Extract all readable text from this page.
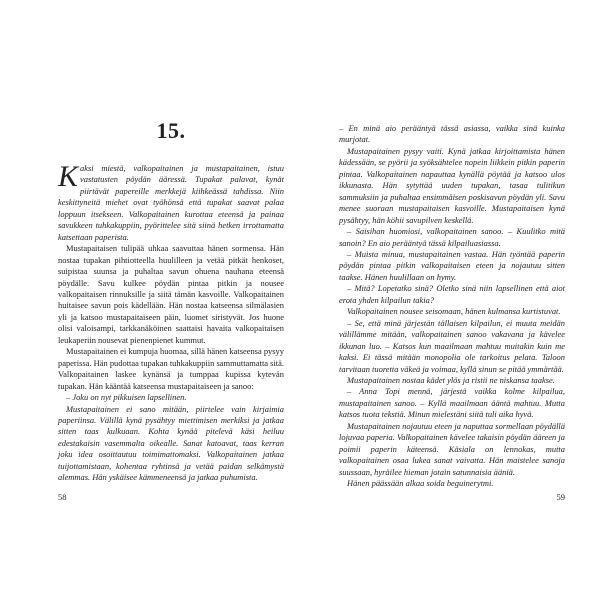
15.

Kaksi miestä, valkopaitainen ja mustapaitainen, istuu vastatusten pöydän ääressä. Tupakat palavat, kynät piirtävät papereille merkkejä kiihkeässä tahdissa. Niin keskittyneitä miehet ovat työhönsä että tupakat saavat palaa loppuun itsekseen. Valkopaitainen kurottaa eteensä ja painaa savukkeen tuhkakuppiin, pyörittelee sitä siinä hetken irrottamatta katsettaan paperista.

Mustapaitaisen tulipää uhkaa saavuttaa hänen sormensa. Hän nostaa tupakan pihtiotteella huulilleen ja vetää pitkät henkoset, suipistaa suunsa ja puhaltaa savun ohuena nauhana eteensä pöydälle. Savu kulkee pöydän pintaa pitkin ja nousee valkopaitaisen rinnuksille ja siitä tämän kasvoille. Valkopaitainen huitaisee savun pois kädellään. Hän nostaa katseensa silmälasien yli ja katsoo mustapaitaiseen päin, luomet siristyvät. Jos huone olisi valoisampi, tarkkanäköinen saattaisi havaita valkopaitaisen leukaperiin nousevat pienenpienet kummut.

Mustapaitainen ei kumpuja huomaa, sillä hänen katseensa pysyy paperissa. Hän pudottaa tupakan tuhkakuppiin sammuttamatta sitä. Valkopaitainen laskee kynänsä ja tumppaa kupissa kytevän tupakan. Hän kääntää katseensa mustapaitaiseen ja sanoo:

– Joku on nyt pikkuisen lapsellinen.

Mustapaitainen ei sano mitään, piirtelee vain kirjaimia paperiinsa. Välillä kynä pysähtyy miettimisen merkiksi ja jatkaa sitten taas kulkuaan. Kohta kynää pitelevä käsi heiluu edestakaisin vasemmalta oikealle. Sanat katoavat, taas kerran joku idea osoittautuu toimimattomaksi. Valkopaitainen jatkaa tuijottamistaan, kohentaa ryhtinsä ja vetää paidan selkämystä alemmas. Hän yskäisee kämmeneensä ja jatkaa puhumista.

58

– En minä aio perääntyä tässä asiassa, vaikka sinä kuinka murjotat.

Mustapaitainen pysyy vaiti. Kynä jatkaa kirjoittamista hänen kädessään, se pyörii ja syöksähtelee nopein liikkein pitkin paperin pintaa. Valkopaitainen napauttaa kynällä pöytää ja katsoo ulos ikkunasta. Hän sytyttää uuden tupakan, tasaa tulitikun sammuksiin ja puhaltaa ensimmäisen poskisavun pöydän yli. Savu menee suoraan mustapaitaisen kasvoille. Mustapaitaisen kynä pysähtyy, hän köhii savupilven keskellä.

– Saisihan huomiosi, valkopaitainen sanoo. – Kuulitko mitä sanoin? En aio perääntyä tässä kilpailuasiassa.

– Muista minua, mustapaitainen vastaa. Hän työntää paperin pöydän pintaa pitkin valkopaitaisen eteen ja nojautuu sitten taakse. Hänen huulillaan on hymy.

– Mitä? Lopetatko sinä? Oletko sinä niin lapsellinen että aiot erota yhden kilpailun takia?

Valkopaitainen nousee seisomaan, hänen kulmansa kurtistuvat.

– Se, että minä järjestän tällaisen kilpailun, ei muuta meidän välillämme mitään, valkopaitainen sanoo vakavana ja kävelee ikkunan luo. – Katsos kun maailmaan mahtuu muitakin kuin me kaksi. Ei tässä mitään monopolia ole tarkoitus pelata. Taloon tarvitaan tuoretta väkeä ja voimaa, kyllä sinun se pitää ymmärtää.

Mustapaitainen nostaa kädet ylös ja ristii ne niskansa taakse.

– Anna Topi mennä, järjestä vaikka kolme kilpailua, mustapaitainen sanoo. – Kyllä maailmaan ääntä mahtuu. Mutta katsos tuota tekstiä. Minun mielestäni siitä tuli aika hyvä.

Mustapaitainen nojautuu eteen ja naputtaa sormellaan pöydällä lojuvaa paperia. Valkopaitainen kävelee takaisin pöydän ääreen ja poimii paperin käteensä. Käsiala on lennokas, mutta valkopaitainen osaa lukea sanat vaivatta. Hän maistelee sanoja suussaan, hyräilee hieman jotain satunnaisia ääniä.

Hänen päässään alkaa soida beguinerytmi.

59
